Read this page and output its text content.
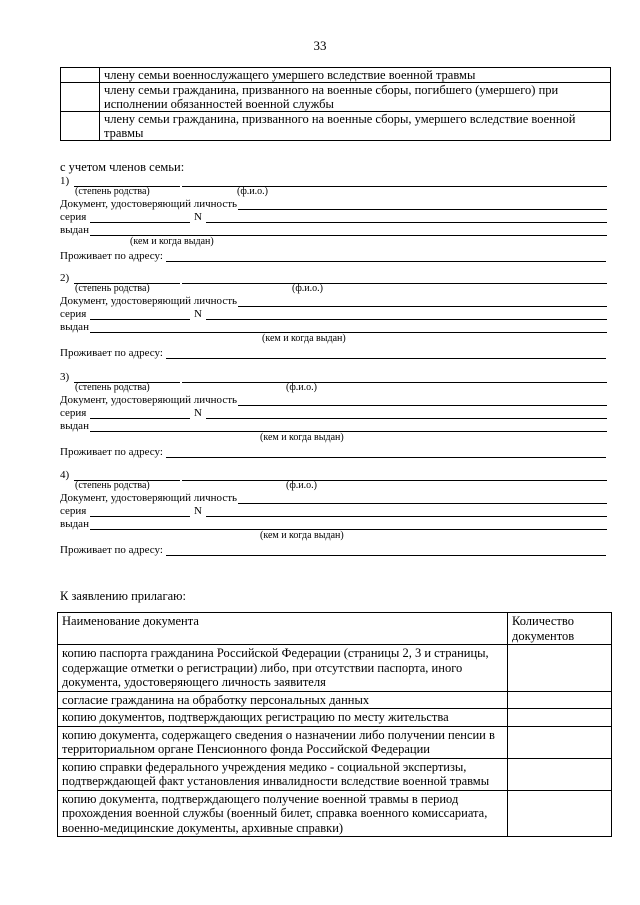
33
	члену семьи военнослужащего умершего вследствие военной травмы
	члену семьи гражданина, призванного на военные сборы, погибшего (умершего) при исполнении обязанностей военной службы
	члену семьи гражданина, призванного на военные сборы, умершего вследствие военной травмы
с учетом членов семьи:
1)
(степень родства)	(ф.и.о.)
Документ, удостоверяющий личность
серия	N
выдан
(кем и когда выдан)
Проживает по адресу:
2)
(степень родства)	(ф.и.о.)
Документ, удостоверяющий личность
серия	N
выдан
(кем и когда выдан)
Проживает по адресу:
3)
(степень родства)	(ф.и.о.)
Документ, удостоверяющий личность
серия	N
выдан
(кем и когда выдан)
Проживает по адресу:
4)
(степень родства)	(ф.и.о.)
Документ, удостоверяющий личность
серия	N
выдан
(кем и когда выдан)
Проживает по адресу:
К заявлению прилагаю:
Наименование документа	Количество документов
копию паспорта гражданина Российской Федерации (страницы 2, 3 и страницы, содержащие отметки о регистрации) либо, при отсутствии паспорта, иного документа, удостоверяющего личность заявителя	
согласие гражданина на обработку персональных данных	
копию документов, подтверждающих регистрацию по месту жительства	
копию документа, содержащего сведения о назначении либо получении пенсии в территориальном органе Пенсионного фонда Российской Федерации	
копию справки федерального учреждения медико - социальной экспертизы, подтверждающей факт установления инвалидности вследствие военной травмы	
копию документа, подтверждающего получение военной травмы в период прохождения военной службы (военный билет, справка военного комиссариата, военно-медицинские документы, архивные справки)	
